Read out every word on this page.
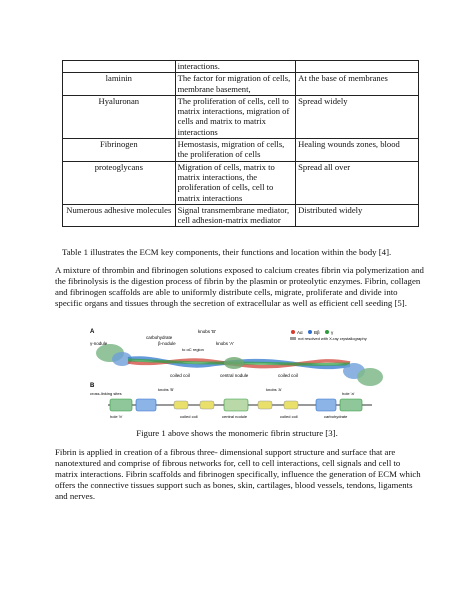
	interactions.	
laminin	The factor for migration of cells, membrane basement,	At the base of membranes
Hyaluronan	The proliferation of cells, cell to matrix interactions, migration of cells and matrix to matrix interactions	Spread widely
Fibrinogen	Hemostasis, migration of cells, the proliferation of cells	Healing wounds zones, blood
proteoglycans	Migration of cells, matrix to matrix interactions, the proliferation of cells, cell to matrix interactions	Spread all over
Numerous adhesive molecules	Signal transmembrane mediator, cell adhesion-matrix mediator	Distributed widely
Table 1 illustrates the ECM key components, their functions and location within the body [4].
A mixture of thrombin and fibrinogen solutions exposed to calcium creates fibrin via polymerization and the fibrinolysis is the digestion process of fibrin by the plasmin or proteolytic enzymes. Fibrin, collagen and fibrinogen scaffolds are able to uniformly distribute cells, migrate, proliferate and divide into specific organs and tissues through the secretion of extracellular as well as efficient cell seeding [5].
A	Aα	Bβ	γ
not resolved with X-ray crystallography
knobs 'B'
carbohydrate
β-nodule
to αC region
knobs 'A'
γ-nodule
coiled coil	central nodule	coiled coil
B
cross-linking sites
knobs 'B'	knobs 'A'
hole 'a'
hole 'b'	coiled coil	central nodule	coiled coil	carbohydrate
Figure 1 above shows the monomeric fibrin structure [3].
Fibrin is applied in creation of a fibrous three- dimensional support structure and surface that are nanotextured and comprise of fibrous networks for, cell to cell interactions, cell signals and cell to matrix interactions. Fibrin scaffolds and fibrinogen specifically, influence the generation of ECM which offers the connective tissues support such as bones, skin, cartilages, blood vessels, tendons, ligaments and nerves.
